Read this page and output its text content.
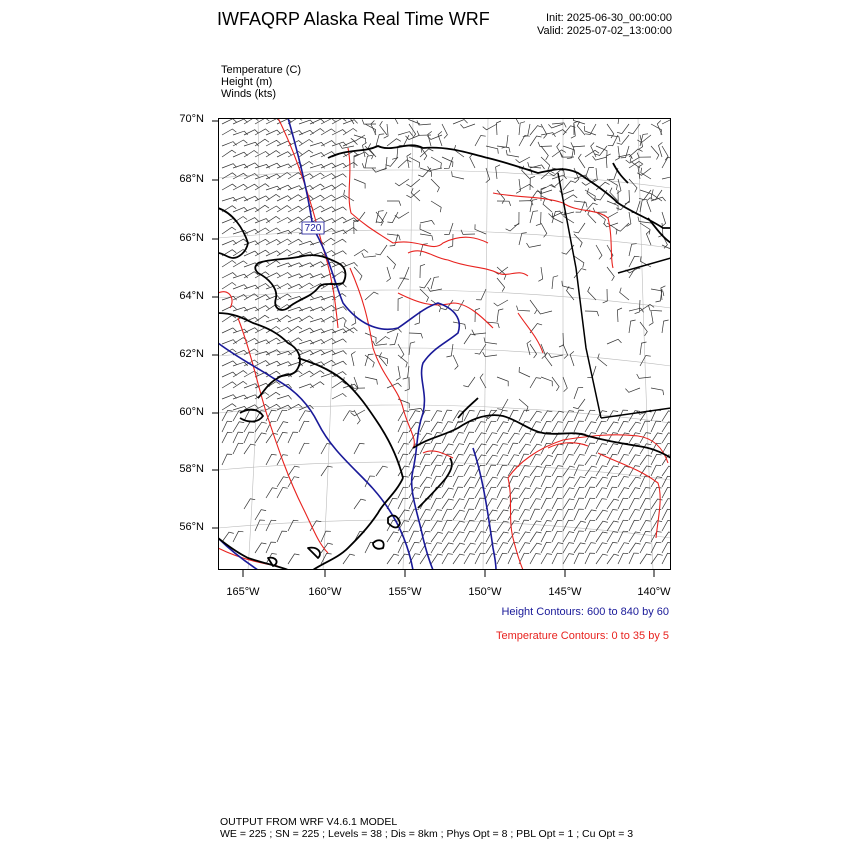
IWFAQRP Alaska Real Time WRF	Init: 2025-06-30_00:00:00
Valid: 2025-07-02_13:00:00
Temperature (C)
Height (m)
Winds (kts)
70°N
68°N
66°N
64°N
62°N
60°N
58°N
56°N
165°W	160°W	155°W	150°W	145°W	140°W
720
Height Contours: 600 to 840 by 60
Temperature Contours: 0 to 35 by 5
OUTPUT FROM WRF V4.6.1 MODEL
WE = 225 ; SN = 225 ; Levels = 38 ; Dis = 8km ; Phys Opt = 8 ; PBL Opt = 1 ; Cu Opt = 3
